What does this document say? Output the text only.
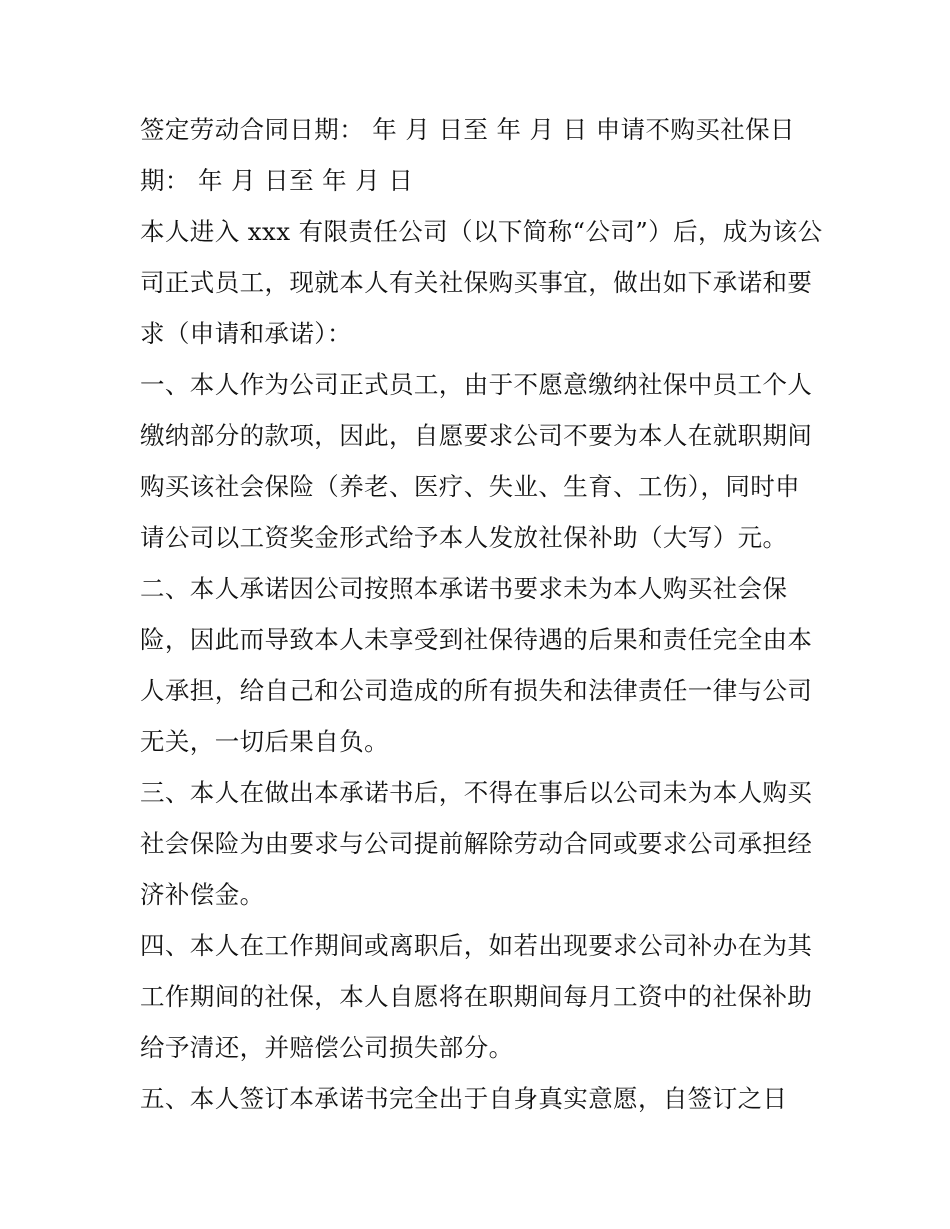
签定劳动合同日期： 年 月 日至 年 月 日 申请不购买社保日
期： 年 月 日至 年 月 日
本人进入 xxx 有限责任公司（以下简称“公司”）后，成为该公
司正式员工，现就本人有关社保购买事宜，做出如下承诺和要
求（申请和承诺）：
一、本人作为公司正式员工，由于不愿意缴纳社保中员工个人
缴纳部分的款项，因此，自愿要求公司不要为本人在就职期间
购买该社会保险（养老、医疗、失业、生育、工伤），同时申
请公司以工资奖金形式给予本人发放社保补助（大写）元。
二、本人承诺因公司按照本承诺书要求未为本人购买社会保
险，因此而导致本人未享受到社保待遇的后果和责任完全由本
人承担，给自己和公司造成的所有损失和法律责任一律与公司
无关，一切后果自负。
三、本人在做出本承诺书后，不得在事后以公司未为本人购买
社会保险为由要求与公司提前解除劳动合同或要求公司承担经
济补偿金。
四、本人在工作期间或离职后，如若出现要求公司补办在为其
工作期间的社保，本人自愿将在职期间每月工资中的社保补助
给予清还，并赔偿公司损失部分。
五、本人签订本承诺书完全出于自身真实意愿，自签订之日
